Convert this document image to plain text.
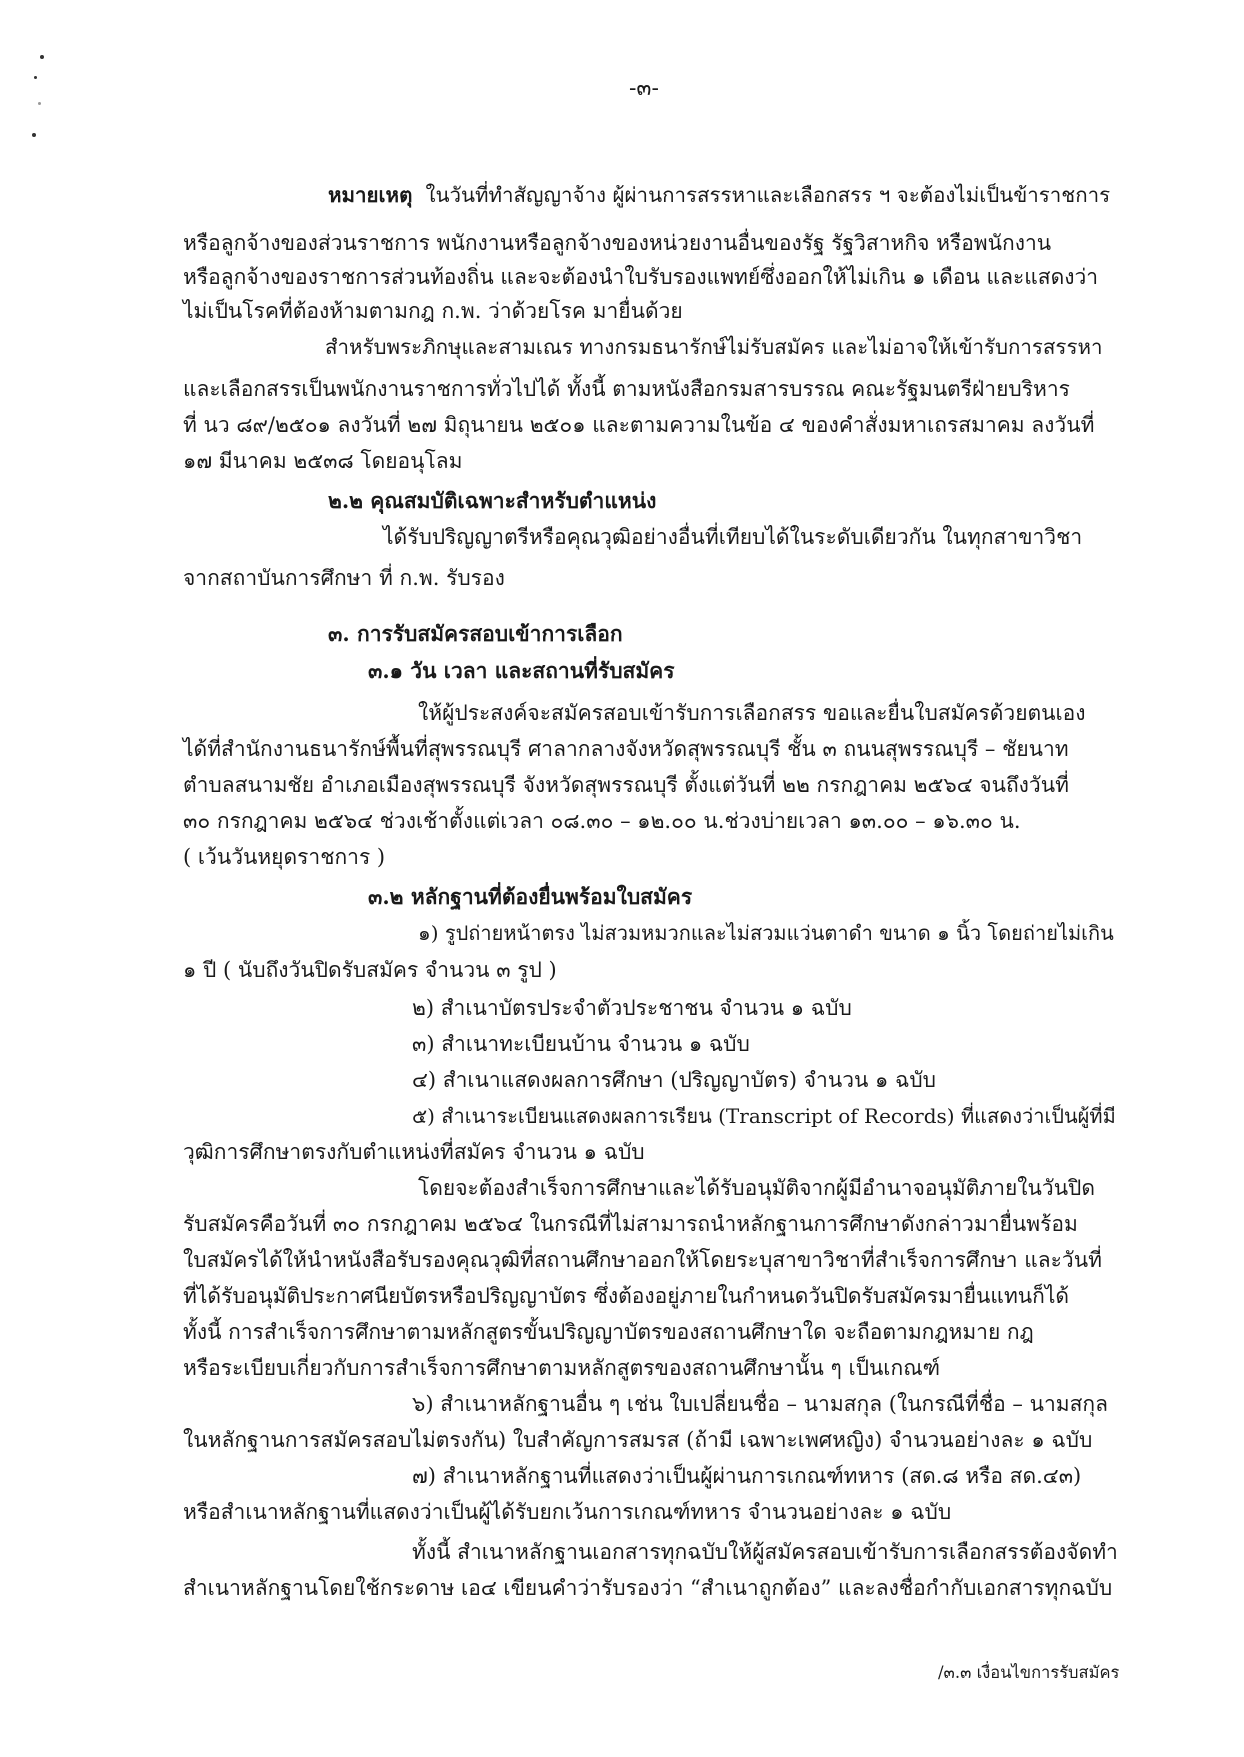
-๓-
หมายเหตุ ในวันที่ทำสัญญาจ้าง ผู้ผ่านการสรรหาและเลือกสรร ฯ จะต้องไม่เป็นข้าราชการ
หรือลูกจ้างของส่วนราชการ พนักงานหรือลูกจ้างของหน่วยงานอื่นของรัฐ รัฐวิสาหกิจ หรือพนักงาน
หรือลูกจ้างของราชการส่วนท้องถิ่น และจะต้องนำใบรับรองแพทย์ซึ่งออกให้ไม่เกิน ๑ เดือน และแสดงว่า
ไม่เป็นโรคที่ต้องห้ามตามกฎ ก.พ. ว่าด้วยโรค มายื่นด้วย
สำหรับพระภิกษุและสามเณร ทางกรมธนารักษ์ไม่รับสมัคร และไม่อาจให้เข้ารับการสรรหา
และเลือกสรรเป็นพนักงานราชการทั่วไปได้ ทั้งนี้ ตามหนังสือกรมสารบรรณ คณะรัฐมนตรีฝ่ายบริหาร
ที่ นว ๘๙/๒๕๐๑ ลงวันที่ ๒๗ มิถุนายน ๒๕๐๑ และตามความในข้อ ๔ ของคำสั่งมหาเถรสมาคม ลงวันที่
๑๗ มีนาคม ๒๕๓๘ โดยอนุโลม
๒.๒ คุณสมบัติเฉพาะสำหรับตำแหน่ง
ได้รับปริญญาตรีหรือคุณวุฒิอย่างอื่นที่เทียบได้ในระดับเดียวกัน ในทุกสาขาวิชา
จากสถาบันการศึกษา ที่ ก.พ. รับรอง
๓. การรับสมัครสอบเข้าการเลือก
๓.๑ วัน เวลา และสถานที่รับสมัคร
ให้ผู้ประสงค์จะสมัครสอบเข้ารับการเลือกสรร ขอและยื่นใบสมัครด้วยตนเอง
ได้ที่สำนักงานธนารักษ์พื้นที่สุพรรณบุรี ศาลากลางจังหวัดสุพรรณบุรี ชั้น ๓ ถนนสุพรรณบุรี – ชัยนาท
ตำบลสนามชัย อำเภอเมืองสุพรรณบุรี จังหวัดสุพรรณบุรี ตั้งแต่วันที่ ๒๒ กรกฎาคม ๒๕๖๔ จนถึงวันที่
๓๐ กรกฎาคม ๒๕๖๔ ช่วงเช้าตั้งแต่เวลา ๐๘.๓๐ – ๑๒.๐๐ น.ช่วงบ่ายเวลา ๑๓.๐๐ – ๑๖.๓๐ น.
( เว้นวันหยุดราชการ )
๓.๒ หลักฐานที่ต้องยื่นพร้อมใบสมัคร
๑) รูปถ่ายหน้าตรง ไม่สวมหมวกและไม่สวมแว่นตาดำ ขนาด ๑ นิ้ว โดยถ่ายไม่เกิน
๑ ปี ( นับถึงวันปิดรับสมัคร จำนวน ๓ รูป )
๒) สำเนาบัตรประจำตัวประชาชน จำนวน ๑ ฉบับ
๓) สำเนาทะเบียนบ้าน จำนวน ๑ ฉบับ
๔) สำเนาแสดงผลการศึกษา (ปริญญาบัตร) จำนวน ๑ ฉบับ
๕) สำเนาระเบียนแสดงผลการเรียน (Transcript of Records) ที่แสดงว่าเป็นผู้ที่มี
วุฒิการศึกษาตรงกับตำแหน่งที่สมัคร จำนวน ๑ ฉบับ
โดยจะต้องสำเร็จการศึกษาและได้รับอนุมัติจากผู้มีอำนาจอนุมัติภายในวันปิด
รับสมัครคือวันที่ ๓๐ กรกฎาคม ๒๕๖๔ ในกรณีที่ไม่สามารถนำหลักฐานการศึกษาดังกล่าวมายื่นพร้อม
ใบสมัครได้ให้นำหนังสือรับรองคุณวุฒิที่สถานศึกษาออกให้โดยระบุสาขาวิชาที่สำเร็จการศึกษา และวันที่
ที่ได้รับอนุมัติประกาศนียบัตรหรือปริญญาบัตร ซึ่งต้องอยู่ภายในกำหนดวันปิดรับสมัครมายื่นแทนก็ได้
ทั้งนี้ การสำเร็จการศึกษาตามหลักสูตรขั้นปริญญาบัตรของสถานศึกษาใด จะถือตามกฎหมาย กฎ
หรือระเบียบเกี่ยวกับการสำเร็จการศึกษาตามหลักสูตรของสถานศึกษานั้น ๆ เป็นเกณฑ์
๖) สำเนาหลักฐานอื่น ๆ เช่น ใบเปลี่ยนชื่อ – นามสกุล (ในกรณีที่ชื่อ – นามสกุล
ในหลักฐานการสมัครสอบไม่ตรงกัน) ใบสำคัญการสมรส (ถ้ามี เฉพาะเพศหญิง) จำนวนอย่างละ ๑ ฉบับ
๗) สำเนาหลักฐานที่แสดงว่าเป็นผู้ผ่านการเกณฑ์ทหาร (สด.๘ หรือ สด.๔๓)
หรือสำเนาหลักฐานที่แสดงว่าเป็นผู้ได้รับยกเว้นการเกณฑ์ทหาร จำนวนอย่างละ ๑ ฉบับ
ทั้งนี้ สำเนาหลักฐานเอกสารทุกฉบับให้ผู้สมัครสอบเข้ารับการเลือกสรรต้องจัดทำ
สำเนาหลักฐานโดยใช้กระดาษ เอ๔ เขียนคำว่ารับรองว่า “สำเนาถูกต้อง” และลงชื่อกำกับเอกสารทุกฉบับ
/๓.๓ เงื่อนไขการรับสมัคร
